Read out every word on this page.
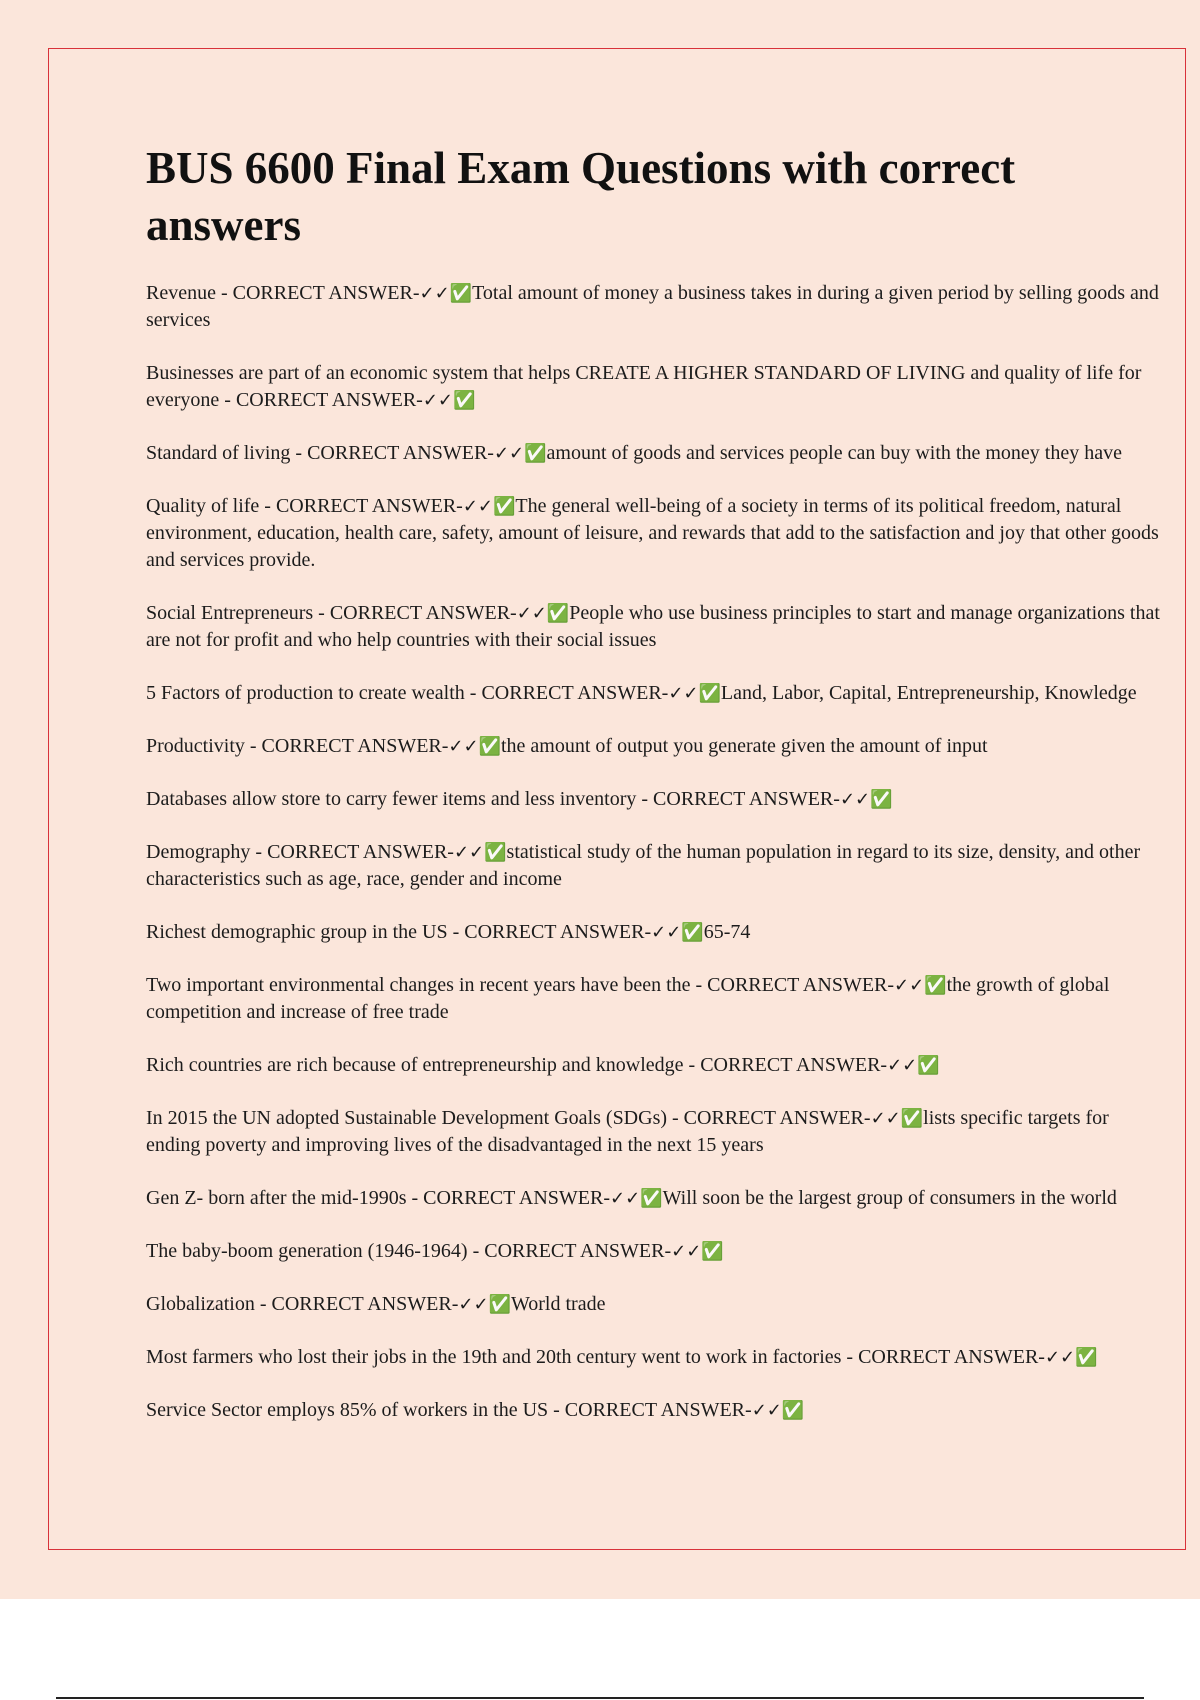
BUS 6600 Final Exam Questions with correct answers

Revenue - CORRECT ANSWER-✓✓✅Total amount of money a business takes in during a given period by selling goods and services

Businesses are part of an economic system that helps CREATE A HIGHER STANDARD OF LIVING and quality of life for everyone - CORRECT ANSWER-✓✓✅

Standard of living - CORRECT ANSWER-✓✓✅amount of goods and services people can buy with the money they have

Quality of life - CORRECT ANSWER-✓✓✅The general well-being of a society in terms of its political freedom, natural environment, education, health care, safety, amount of leisure, and rewards that add to the satisfaction and joy that other goods and services provide.

Social Entrepreneurs - CORRECT ANSWER-✓✓✅People who use business principles to start and manage organizations that are not for profit and who help countries with their social issues

5 Factors of production to create wealth - CORRECT ANSWER-✓✓✅Land, Labor, Capital, Entrepreneurship, Knowledge

Productivity - CORRECT ANSWER-✓✓✅the amount of output you generate given the amount of input

Databases allow store to carry fewer items and less inventory - CORRECT ANSWER-✓✓✅

Demography - CORRECT ANSWER-✓✓✅statistical study of the human population in regard to its size, density, and other characteristics such as age, race, gender and income

Richest demographic group in the US - CORRECT ANSWER-✓✓✅65-74

Two important environmental changes in recent years have been the - CORRECT ANSWER-✓✓✅the growth of global competition and increase of free trade

Rich countries are rich because of entrepreneurship and knowledge - CORRECT ANSWER-✓✓✅

In 2015 the UN adopted Sustainable Development Goals (SDGs) - CORRECT ANSWER-✓✓✅lists specific targets for ending poverty and improving lives of the disadvantaged in the next 15 years

Gen Z- born after the mid-1990s - CORRECT ANSWER-✓✓✅Will soon be the largest group of consumers in the world

The baby-boom generation (1946-1964) - CORRECT ANSWER-✓✓✅

Globalization - CORRECT ANSWER-✓✓✅World trade

Most farmers who lost their jobs in the 19th and 20th century went to work in factories - CORRECT ANSWER-✓✓✅

Service Sector employs 85% of workers in the US - CORRECT ANSWER-✓✓✅
